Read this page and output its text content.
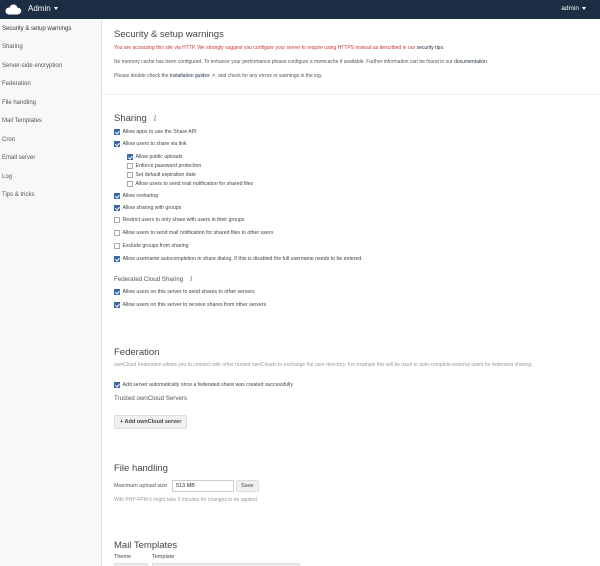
Admin	admin
Security & setup warnings
Sharing
Server-side encryption
Federation
File handling
Mail Templates
Cron
Email server
Log
Tips & tricks
Security & setup warnings
You are accessing this site via HTTP. We strongly suggest you configure your server to require using HTTPS instead as described in our security tips.
No memory cache has been configured. To enhance your performance please configure a memcache if available. Further information can be found in our documentation.
Please double check the installation guides ↗, and check for any errors or warnings in the log.
Sharing i
Allow apps to use the Share API
Allow users to share via link
Allow public uploads
Enforce password protection
Set default expiration date
Allow users to send mail notification for shared files
Allow resharing
Allow sharing with groups
Restrict users to only share with users in their groups
Allow users to send mail notification for shared files to other users
Exclude groups from sharing
Allow username autocompletion in share dialog. If this is disabled the full username needs to be entered.
Federated Cloud Sharing i
Allow users on this server to send shares to other servers
Allow users on this server to receive shares from other servers
Federation
ownCloud Federation allows you to connect with other trusted ownClouds to exchange the user directory. For example this will be used to auto-complete external users for federated sharing.
Add server automatically once a federated share was created successfully
Trusted ownCloud Servers
+ Add ownCloud server
File handling
Maximum upload size
513 MB	Save
With PHP-FPM it might take 5 minutes for changes to be applied.
Mail Templates
Theme	Template
